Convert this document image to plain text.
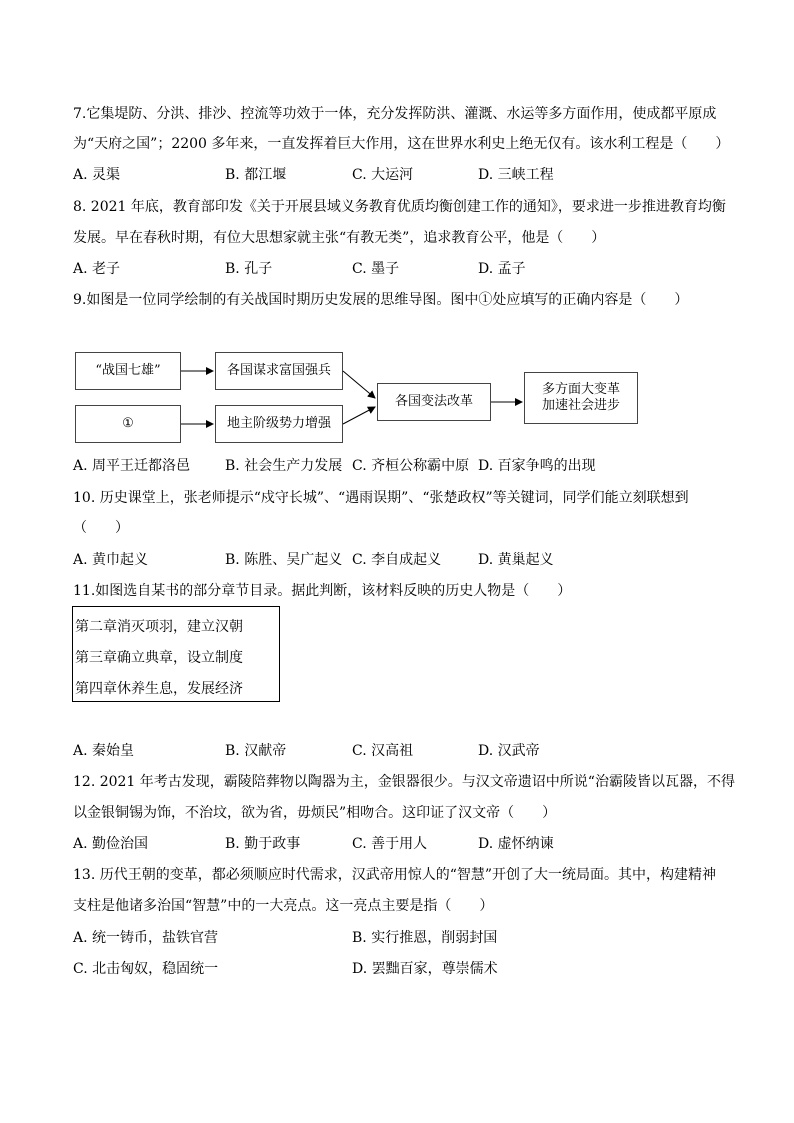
7.它集堤防、分洪、排沙、控流等功效于一体，充分发挥防洪、灌溉、水运等多方面作用，使成都平原成
为“天府之国”；2200 多年来，一直发挥着巨大作用，这在世界水利史上绝无仅有。该水利工程是（　　）
A. 灵渠	B. 都江堰	C. 大运河	D. 三峡工程
8. 2021 年底，教育部印发《关于开展县域义务教育优质均衡创建工作的通知》，要求进一步推进教育均衡
发展。早在春秋时期，有位大思想家就主张“有教无类”，追求教育公平，他是（　　）
A. 老子	B. 孔子	C. 墨子	D. 孟子
9.如图是一位同学绘制的有关战国时期历史发展的思维导图。图中①处应填写的正确内容是（　　）
“战国七雄”
①
各国谋求富国强兵
地主阶级势力增强
各国变法改革
多方面大变革
加速社会进步
A. 周平王迁都洛邑 B. 社会生产力发展 C. 齐桓公称霸中原 D. 百家争鸣的出现
10. 历史课堂上，张老师提示“戍守长城”、“遇雨误期”、“张楚政权”等关键词，同学们能立刻联想到
（　　）
A. 黄巾起义	B. 陈胜、吴广起义 C. 李自成起义	D. 黄巢起义
11.如图选自某书的部分章节目录。据此判断，该材料反映的历史人物是（　　）
第二章消灭项羽，建立汉朝
第三章确立典章，设立制度
第四章休养生息，发展经济
A. 秦始皇	B. 汉献帝	C. 汉高祖	D. 汉武帝
12. 2021 年考古发现，霸陵陪葬物以陶器为主，金银器很少。与汉文帝遗诏中所说“治霸陵皆以瓦器，不得
以金银铜锡为饰，不治坟，欲为省，毋烦民”相吻合。这印证了汉文帝（　　）
A. 勤俭治国	B. 勤于政事	C. 善于用人	D. 虚怀纳谏
13. 历代王朝的变革，都必须顺应时代需求，汉武帝用惊人的“智慧”开创了大一统局面。其中，构建精神
支柱是他诸多治国“智慧”中的一大亮点。这一亮点主要是指（　　）
A. 统一铸币，盐铁官营	B. 实行推恩，削弱封国
C. 北击匈奴，稳固统一	D. 罢黜百家，尊崇儒术
